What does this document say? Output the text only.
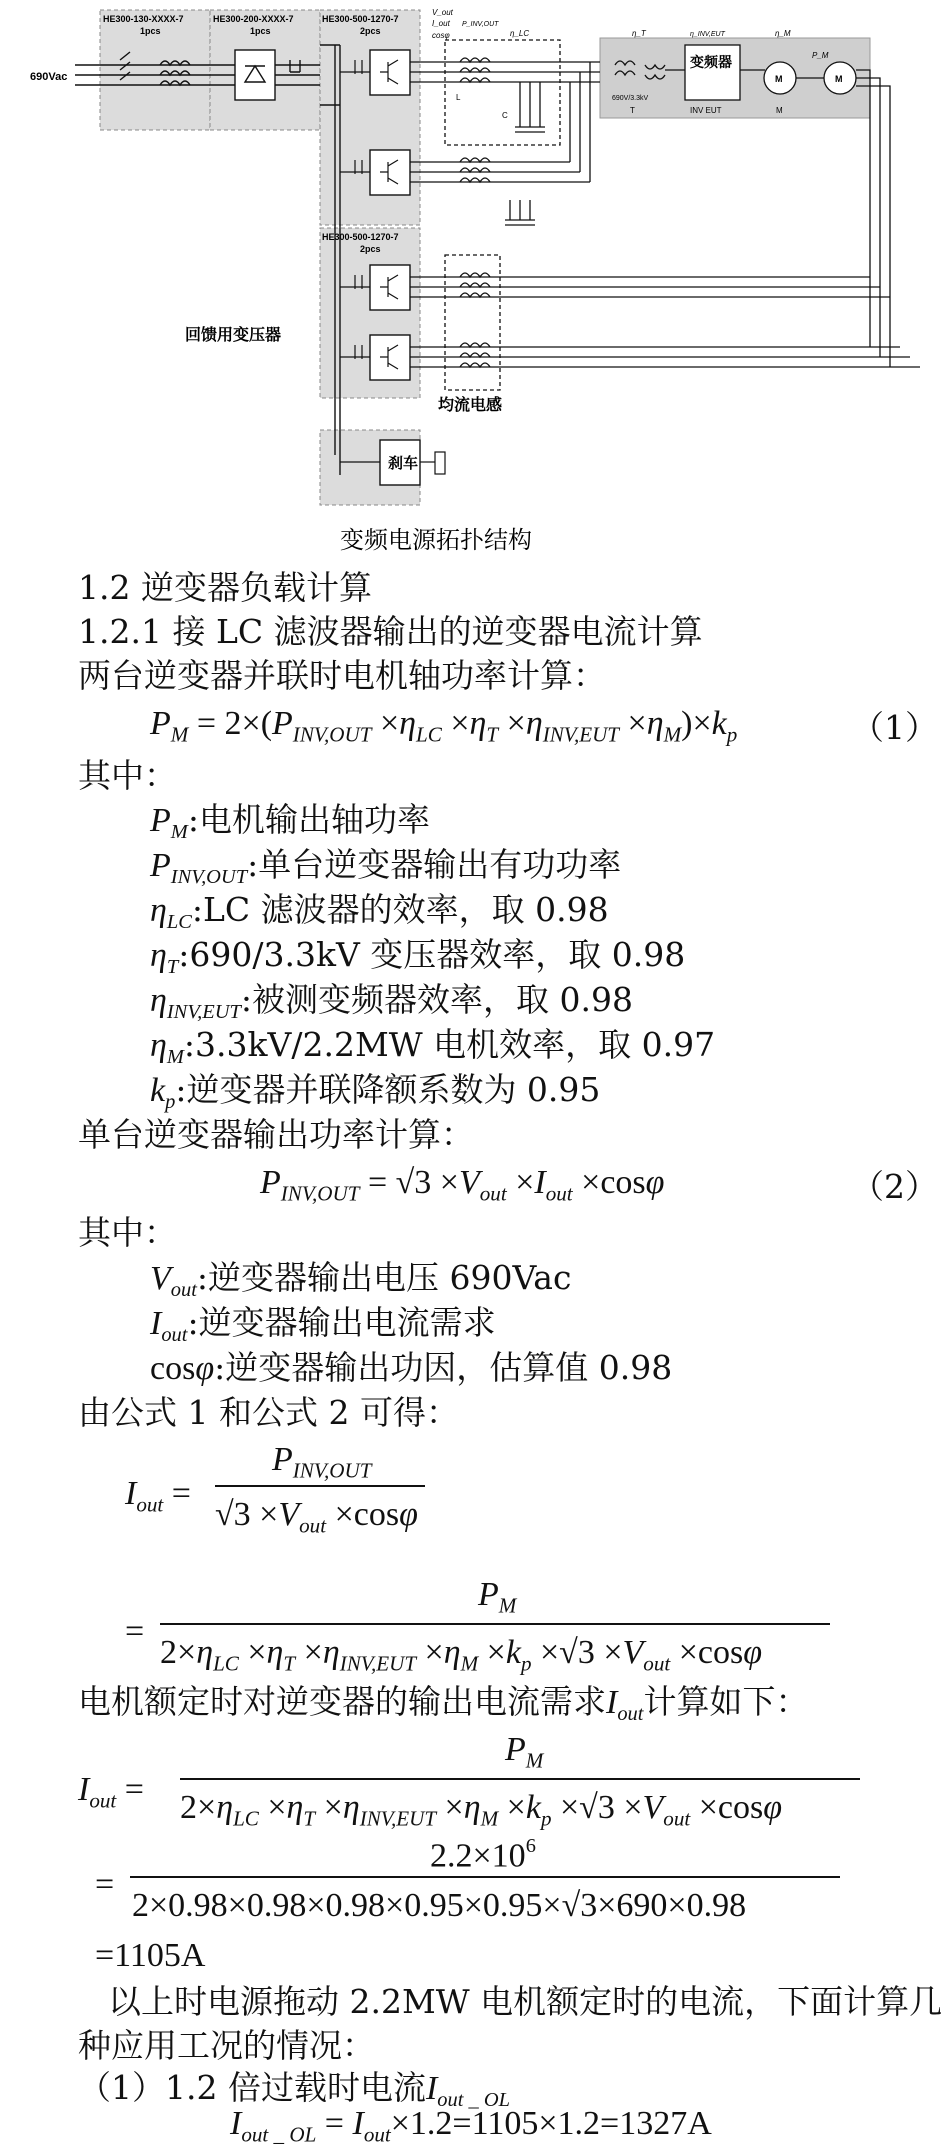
HE300-130-XXXX-7
1pcs
HE300-200-XXXX-7
1pcs
HE300-500-1270-7
2pcs
HE300-500-1270-7
2pcs
690Vac
刹车
变频器
INV EUT
690V/3.3kV
T
M	M
M
C
L
V_out
I_out
cosφ
P_INV,OUT
η_LC	η_T	η_INV,EUT	η_M
P_M
回馈用变压器
均流电感
变频电源拓扑结构
1.2 逆变器负载计算
1.2.1 接 LC 滤波器输出的逆变器电流计算
两台逆变器并联时电机轴功率计算：
$P_M = 2\times(P_{INV,OUT} \times\eta_{LC} \times\eta_T \times\eta_{INV,EUT} \times\eta_M)\times k_p$	（1）
其中：
$P_M$:电机输出轴功率
$P_{INV,OUT}$:单台逆变器输出有功功率
$\eta_{LC}:LC$ 滤波器的效率，取 0.98
$\eta_T:690/3.3kV$ 变压器效率，取 0.98
$\eta_{INV,EUT}$:被测变频器效率，取 0.98
$\eta_M:3.3kV/2.2MW$ 电机效率，取 0.97
$k_p$:逆变器并联降额系数为 0.95
单台逆变器输出功率计算：
$P_{INV,OUT} = √3 \times V_{out} \times I_{out} \times\cos\varphi$	（2）
其中：
$V_{out}$:逆变器输出电压 690Vac
$I_{out}$:逆变器输出电流需求
cosφ:逆变器输出功因，估算值 0.98
由公式 1 和公式 2 可得：
$I_{out}$ =
$P_{INV,OUT}$
$√3 \times V_{out} \times\cos\varphi$
=
$P_M$
$2\times\eta_{LC} \times\eta_T \times\eta_{INV,EUT} \times\eta_M \times k_p \times√3 \times V_{out} \times\cos\varphi$
电机额定时对逆变器的输出电流需求$I_{out}$计算如下：
$I_{out}$ =
$P_M$
$2\times\eta_{LC} \times\eta_T \times\eta_{INV,EUT} \times\eta_M \times k_p \times√3 \times V_{out} \times\cos\varphi$
=
$2.2\times 10^6$
2×0.98×0.98×0.98×0.95×0.95×√3×690×0.98
=1105A
以上时电源拖动 2.2MW 电机额定时的电流，下面计算几
种应用工况的情况：
（1）1.2 倍过载时电流$I_{out \_ OL}$
$I_{out \_ OL} = I_{out}\times 1.2=1105\times 1.2=1327A$
